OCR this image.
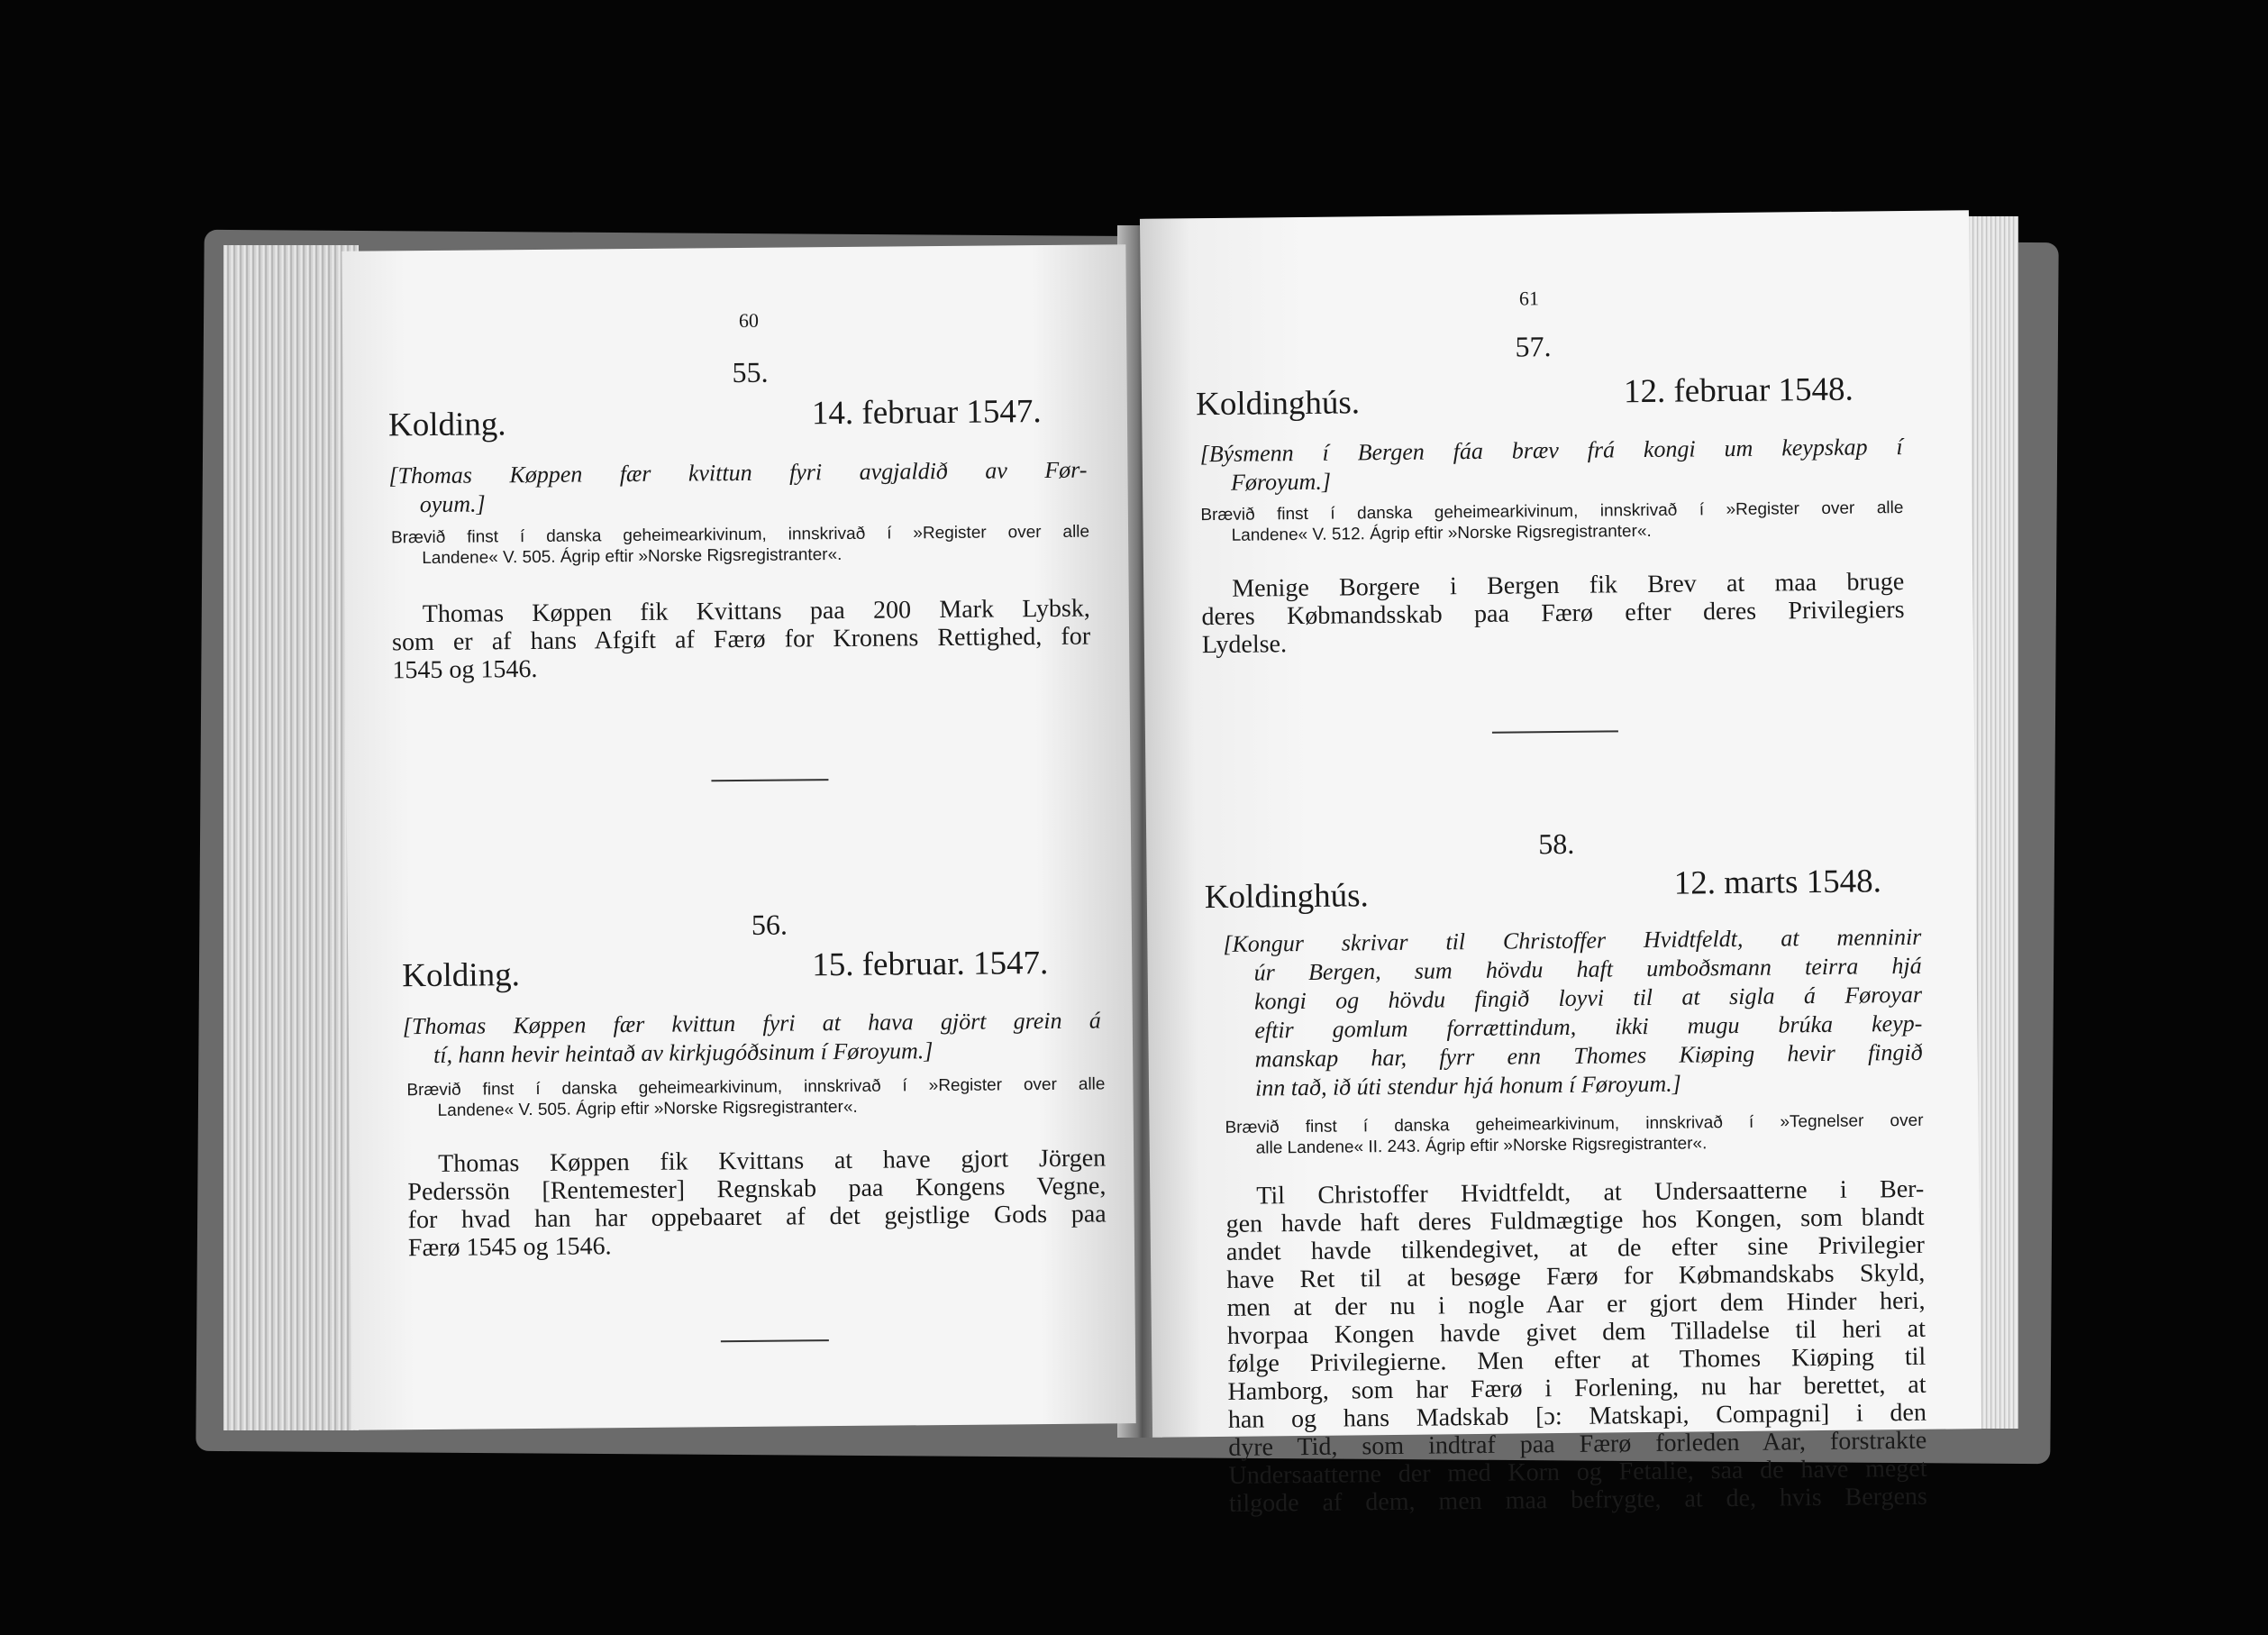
60
55.
Kolding.	14. februar 1547.
[Thomas Køppen fær kvittun fyri avgjaldið av Før-
oyum.]
Brævið finst í danska geheimearkivinum, innskrivað í »Register over alle
Landene« V. 505. Ágrip eftir »Norske Rigsregistranter«.
Thomas Køppen fik Kvittans paa 200 Mark Lybsk,
som er af hans Afgift af Færø for Kronens Rettighed, for
1545 og 1546.
56.
Kolding.	15. februar. 1547.
[Thomas Køppen fær kvittun fyri at hava gjört grein á
tí, hann hevir heintað av kirkjugóðsinum í Føroyum.]
Brævið finst í danska geheimearkivinum, innskrivað í »Register over alle
Landene« V. 505. Ágrip eftir »Norske Rigsregistranter«.
Thomas Køppen fik Kvittans at have gjort Jörgen
Pederssön [Rentemester] Regnskab paa Kongens Vegne,
for hvad han har oppebaaret af det gejstlige Gods paa
Færø 1545 og 1546.
61
57.
Koldinghús.	12. februar 1548.
[Býsmenn í Bergen fáa bræv frá kongi um keypskap í
Føroyum.]
Brævið finst í danska geheimearkivinum, innskrivað í »Register over alle
Landene« V. 512. Ágrip eftir »Norske Rigsregistranter«.
Menige Borgere i Bergen fik Brev at maa bruge
deres Købmandsskab paa Færø efter deres Privilegiers
Lydelse.
58.
Koldinghús.	12. marts 1548.
[Kongur skrivar til Christoffer Hvidtfeldt, at menninir
úr Bergen, sum hövdu haft umboðsmann teirra hjá
kongi og hövdu fingið loyvi til at sigla á Føroyar
eftir gomlum forrættindum, ikki mugu brúka keyp-
manskap har, fyrr enn Thomes Kiøping hevir fingið
inn tað, ið úti stendur hjá honum í Føroyum.]
Brævið finst í danska geheimearkivinum, innskrivað í »Tegnelser over
alle Landene« II. 243. Ágrip eftir »Norske Rigsregistranter«.
Til Christoffer Hvidtfeldt, at Undersaatterne i Ber-
gen havde haft deres Fuldmægtige hos Kongen, som blandt
andet havde tilkendegivet, at de efter sine Privilegier
have Ret til at besøge Færø for Købmandskabs Skyld,
men at der nu i nogle Aar er gjort dem Hinder heri,
hvorpaa Kongen havde givet dem Tilladelse til heri at
følge Privilegierne. Men efter at Thomes Kiøping til
Hamborg, som har Færø i Forlening, nu har berettet, at
han og hans Madskab [ɔ: Matskapi, Compagni] i den
dyre Tid, som indtraf paa Færø forleden Aar, forstrakte
Undersaatterne der med Korn og Fetalie, saa de have meget
tilgode af dem, men maa befrygte, at de, hvis Bergens
